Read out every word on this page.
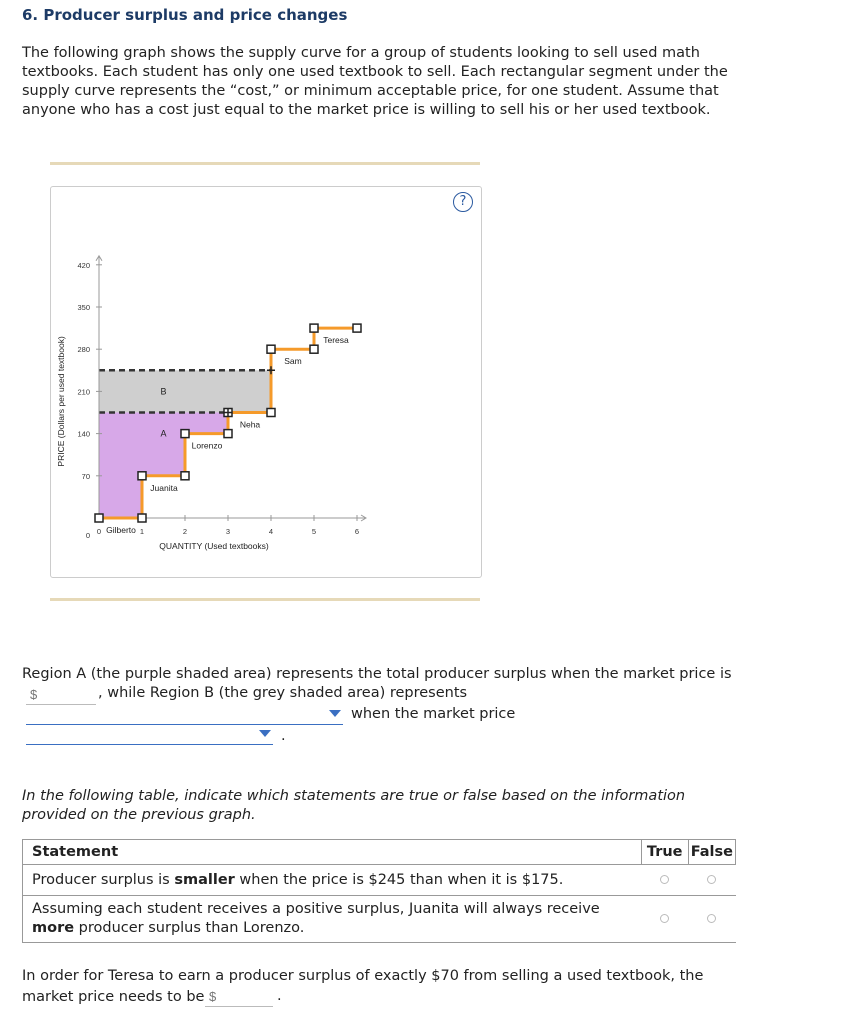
6. Producer surplus and price changes
The following graph shows the supply curve for a group of students looking to sell used math textbooks. Each student has only one used textbook to sell. Each rectangular segment under the supply curve represents the “cost,” or minimum acceptable price, for one student. Assume that anyone who has a cost just equal to the market price is willing to sell his or her used textbook.
0
70
140
210
280
350
420
0	1	2	3	4	5	6
QUANTITY (Used textbooks)
PRICE (Dollars per used textbook)
Gilberto
Juanita
Lorenzo
Neha
Sam
Teresa
A
B
?
Region A (the purple shaded area) represents the total producer surplus when the market price is
$
, while Region B (the grey shaded area) represents
when the market price
.
In the following table, indicate which statements are true or false based on the information provided on the previous graph.
Statement	True	False
Producer surplus is smaller when the price is $245 than when it is $175.		
Assuming each student receives a positive surplus, Juanita will always receive more producer surplus than Lorenzo.		
In order for Teresa to earn a producer surplus of exactly $70 from selling a used textbook, the market price needs to be
$	.
